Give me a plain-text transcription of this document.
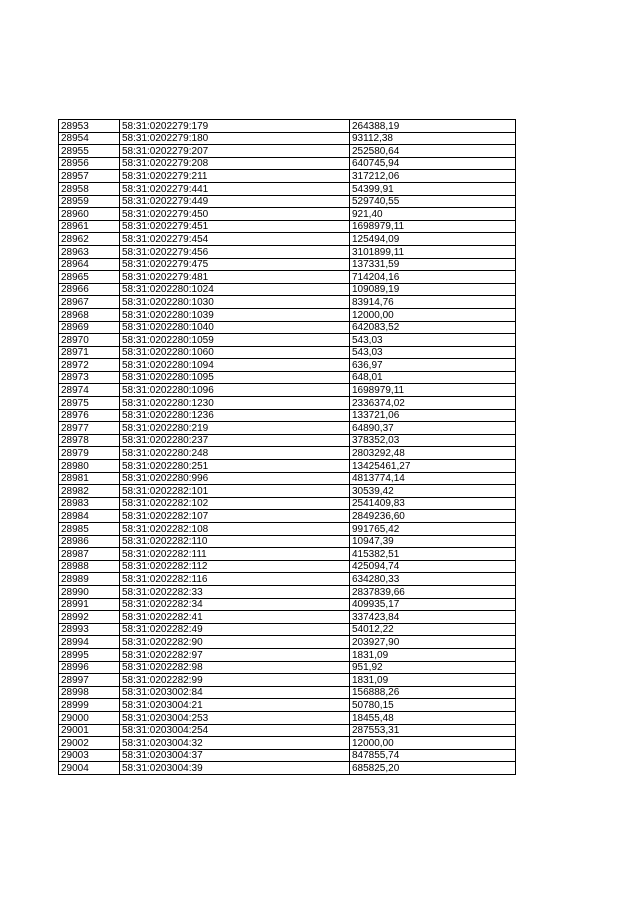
28953	58:31:0202279:179	264388,19
28954	58:31:0202279:180	93112,38
28955	58:31:0202279:207	252580,64
28956	58:31:0202279:208	640745,94
28957	58:31:0202279:211	317212,06
28958	58:31:0202279:441	54399,91
28959	58:31:0202279:449	529740,55
28960	58:31:0202279:450	921,40
28961	58:31:0202279:451	1698979,11
28962	58:31:0202279:454	125494,09
28963	58:31:0202279:456	3101899,11
28964	58:31:0202279:475	137331,59
28965	58:31:0202279:481	714204,16
28966	58:31:0202280:1024	109089,19
28967	58:31:0202280:1030	83914,76
28968	58:31:0202280:1039	12000,00
28969	58:31:0202280:1040	642083,52
28970	58:31:0202280:1059	543,03
28971	58:31:0202280:1060	543,03
28972	58:31:0202280:1094	636,97
28973	58:31:0202280:1095	648,01
28974	58:31:0202280:1096	1698979,11
28975	58:31:0202280:1230	2336374,02
28976	58:31:0202280:1236	133721,06
28977	58:31:0202280:219	64890,37
28978	58:31:0202280:237	378352,03
28979	58:31:0202280:248	2803292,48
28980	58:31:0202280:251	13425461,27
28981	58:31:0202280:996	4813774,14
28982	58:31:0202282:101	30539,42
28983	58:31:0202282:102	2541409,83
28984	58:31:0202282:107	2849236,60
28985	58:31:0202282:108	991765,42
28986	58:31:0202282:110	10947,39
28987	58:31:0202282:111	415382,51
28988	58:31:0202282:112	425094,74
28989	58:31:0202282:116	634280,33
28990	58:31:0202282:33	2837839,66
28991	58:31:0202282:34	409935,17
28992	58:31:0202282:41	337423,84
28993	58:31:0202282:49	54012,22
28994	58:31:0202282:90	203927,90
28995	58:31:0202282:97	1831,09
28996	58:31:0202282:98	951,92
28997	58:31:0202282:99	1831,09
28998	58:31:0203002:84	156888,26
28999	58:31:0203004:21	50780,15
29000	58:31:0203004:253	18455,48
29001	58:31:0203004:254	287553,31
29002	58:31:0203004:32	12000,00
29003	58:31:0203004:37	847855,74
29004	58:31:0203004:39	685825,20
